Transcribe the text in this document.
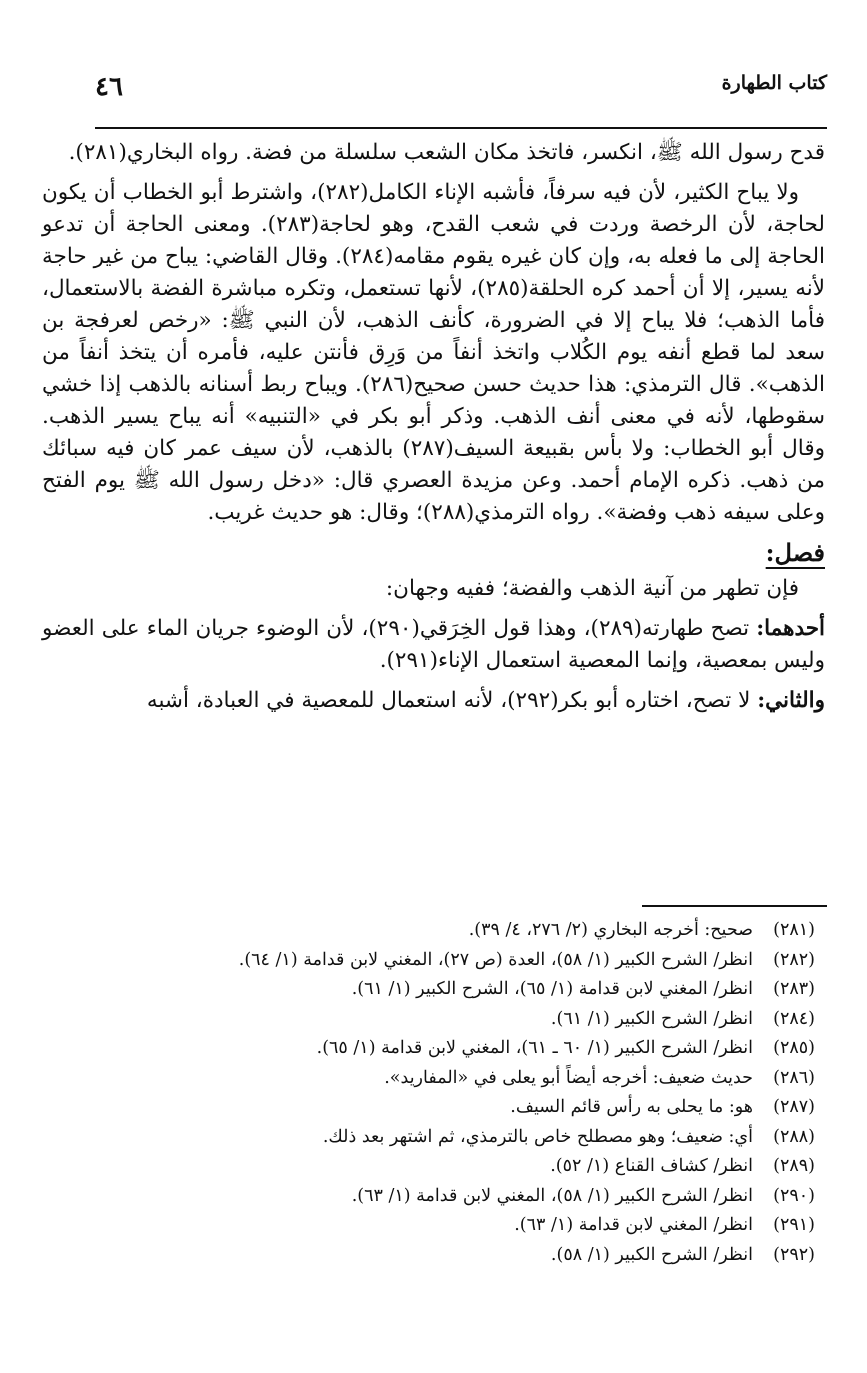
٤٦	كتاب الطهارة

قدح رسول الله ﷺ، انكسر، فاتخذ مكان الشعب سلسلة من فضة. رواه البخاري(٢٨١).

ولا يباح الكثير، لأن فيه سرفاً، فأشبه الإناء الكامل(٢٨٢)، واشترط أبو الخطاب أن يكون لحاجة، لأن الرخصة وردت في شعب القدح، وهو لحاجة(٢٨٣). ومعنى الحاجة أن تدعو الحاجة إلى ما فعله به، وإن كان غيره يقوم مقامه(٢٨٤). وقال القاضي: يباح من غير حاجة لأنه يسير، إلا أن أحمد كره الحلقة(٢٨٥)، لأنها تستعمل، وتكره مباشرة الفضة بالاستعمال، فأما الذهب؛ فلا يباح إلا في الضرورة، كأنف الذهب، لأن النبي ﷺ: «رخص لعرفجة بن سعد لما قطع أنفه يوم الكُلاب واتخذ أنفاً من وَرِق فأنتن عليه، فأمره أن يتخذ أنفاً من الذهب». قال الترمذي: هذا حديث حسن صحيح(٢٨٦). ويباح ربط أسنانه بالذهب إذا خشي سقوطها، لأنه في معنى أنف الذهب. وذكر أبو بكر في «التنبيه» أنه يباح يسير الذهب. وقال أبو الخطاب: ولا بأس بقبيعة السيف(٢٨٧) بالذهب، لأن سيف عمر كان فيه سبائك من ذهب. ذكره الإمام أحمد. وعن مزيدة العصري قال: «دخل رسول الله ﷺ يوم الفتح وعلى سيفه ذهب وفضة». رواه الترمذي(٢٨٨)؛ وقال: هو حديث غريب.

فصل:

فإن تطهر من آنية الذهب والفضة؛ ففيه وجهان:

أحدهما: تصح طهارته(٢٨٩)، وهذا قول الخِرَقي(٢٩٠)، لأن الوضوء جريان الماء على العضو وليس بمعصية، وإنما المعصية استعمال الإناء(٢٩١).

والثاني: لا تصح، اختاره أبو بكر(٢٩٢)، لأنه استعمال للمعصية في العبادة، أشبه

(٢٨١)
صحيح: أخرجه البخاري (٢/ ٢٧٦، ٤/ ٣٩).
(٢٨٢)
انظر/ الشرح الكبير (١/ ٥٨)، العدة (ص ٢٧)، المغني لابن قدامة (١/ ٦٤).
(٢٨٣)
انظر/ المغني لابن قدامة (١/ ٦٥)، الشرح الكبير (١/ ٦١).
(٢٨٤)
انظر/ الشرح الكبير (١/ ٦١).
(٢٨٥)
انظر/ الشرح الكبير (١/ ٦٠ ـ ٦١)، المغني لابن قدامة (١/ ٦٥).
(٢٨٦)
حديث ضعيف: أخرجه أيضاً أبو يعلى في «المفاريد».
(٢٨٧)
هو: ما يحلى به رأس قائم السيف.
(٢٨٨)
أي: ضعيف؛ وهو مصطلح خاص بالترمذي، ثم اشتهر بعد ذلك.
(٢٨٩)
انظر/ كشاف القناع (١/ ٥٢).
(٢٩٠)
انظر/ الشرح الكبير (١/ ٥٨)، المغني لابن قدامة (١/ ٦٣).
(٢٩١)
انظر/ المغني لابن قدامة (١/ ٦٣).
(٢٩٢)
انظر/ الشرح الكبير (١/ ٥٨).
